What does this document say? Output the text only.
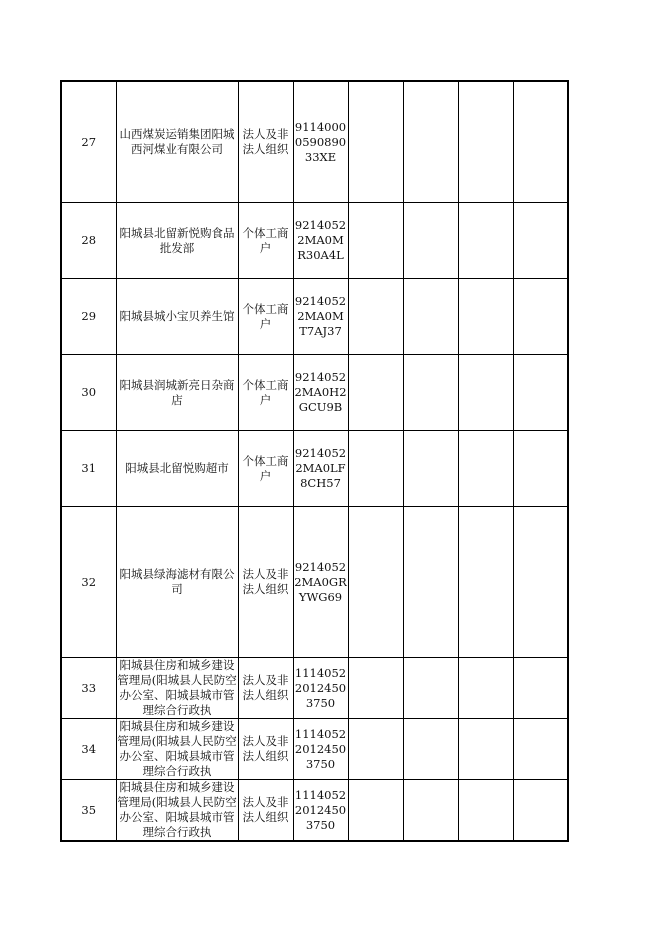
27	山西煤炭运销集团阳城西河煤业有限公司	法人及非法人组织	91140000590890 33XE				

28	阳城县北留新悦购食品批发部	个体工商户	92140522MA0MR30A4L				

29	阳城县城小宝贝养生馆	个体工商户	92140522MA0MT7AJ37				

30	阳城县润城新亮日杂商店	个体工商户	92140522MA0H2GCU9B				

31	阳城县北留悦购超市	个体工商户	92140522MA0LF8CH57				

32	阳城县绿海滤材有限公司	法人及非法人组织	92140522MA0GRYWG69				

33	阳城县住房和城乡建设管理局(阳城县人民防空办公室、阳城县城市管理综合行政执	法人及非法人组织	11140522012450 3750				

34	阳城县住房和城乡建设管理局(阳城县人民防空办公室、阳城县城市管理综合行政执	法人及非法人组织	11140522012450 3750				

35	阳城县住房和城乡建设管理局(阳城县人民防空办公室、阳城县城市管理综合行政执	法人及非法人组织	11140522012450 3750				
